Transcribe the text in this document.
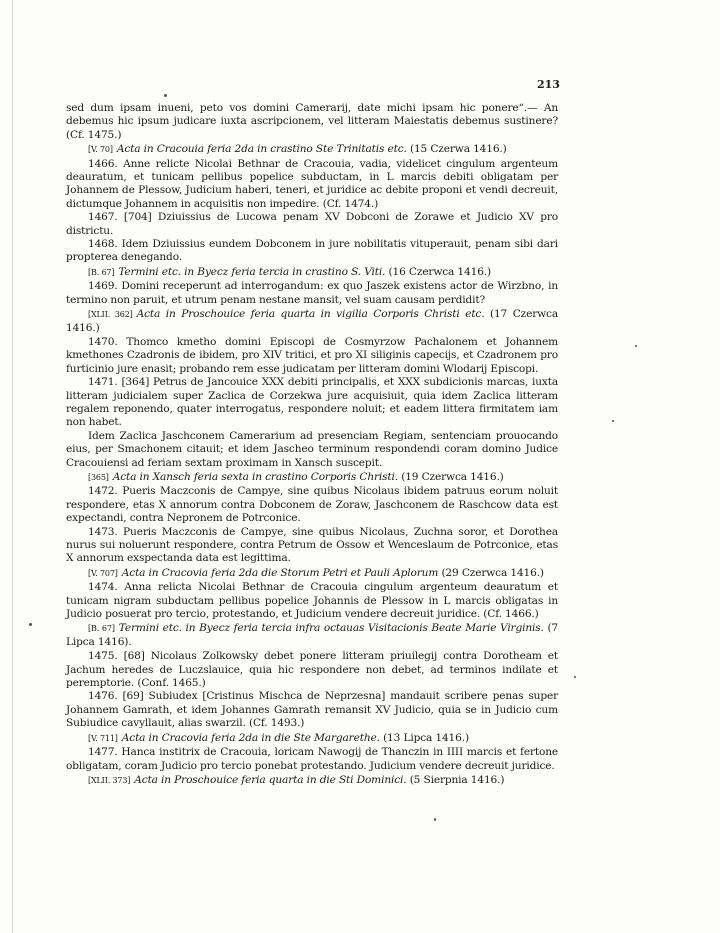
213

sed dum ipsam inueni, peto vos domini Camerarij, date michi ipsam hic ponere“.— An debemus hic ipsum judicare iuxta ascripcionem, vel litteram Maiestatis debemus sustinere? (Cf. 1475.)

[V. 70] Acta in Cracouia feria 2da in crastino Ste Trinitatis etc. (15 Czerwa 1416.)

1466. Anne relicte Nicolai Bethnar de Cracouia, vadia, videlicet cingulum argenteum deauratum, et tunicam pellibus popelice subductam, in L marcis debiti obligatam per Johannem de Plessow, Judicium haberi, teneri, et juridice ac debite proponi et vendi decreuit, dictumque Johannem in acquisitis non impedire. (Cf. 1474.)

1467. [704] Dziuissius de Lucowa penam XV Dobconi de Zorawe et Judicio XV pro districtu.

1468. Idem Dziuissius eundem Dobconem in jure nobilitatis vituperauit, penam sibi dari propterea denegando.

[B. 67] Termini etc. in Byecz feria tercia in crastino S. Viti. (16 Czerwca 1416.)

1469. Domini receperunt ad interrogandum: ex quo Jaszek existens actor de Wirzbno, in termino non paruit, et utrum penam nestane mansit, vel suam causam perdidit?

[XLII. 362] Acta in Proschouice feria quarta in vigilia Corporis Christi etc. (17 Czerwca 1416.)

1470. Thomco kmetho domini Episcopi de Cosmyrzow Pachalonem et Johannem kmethones Czadronis de ibidem, pro XIV tritici, et pro XI siliginis capecijs, et Czadronem pro furticinio jure enasit; probando rem esse judicatam per litteram domini Wlodarij Episcopi.

1471. [364] Petrus de Jancouice XXX debiti principalis, et XXX subdicionis marcas, iuxta litteram judicialem super Zaclica de Corzekwa jure acquisiuit, quia idem Zaclica litteram regalem reponendo, quater interrogatus, respondere noluit; et eadem littera firmitatem iam non habet.

Idem Zaclica Jaschconem Camerarium ad presenciam Regiam, sentenciam prouocando eius, per Smachonem citauit; et idem Jascheo terminum respondendi coram domino Judice Cracouiensi ad feriam sextam proximam in Xansch suscepit.

[365] Acta in Xansch feria sexta in crastino Corporis Christi. (19 Czerwca 1416.)

1472. Pueris Maczconis de Campye, sine quibus Nicolaus ibidem patruus eorum noluit respondere, etas X annorum contra Dobconem de Zoraw, Jaschconem de Raschcow data est expectandi, contra Nepronem de Potrconice.

1473. Pueris Maczconis de Campye, sine quibus Nicolaus, Zuchna soror, et Dorothea nurus sui noluerunt respondere, contra Petrum de Ossow et Wenceslaum de Potrconice, etas X annorum exspectanda data est legittima.

[V. 707] Acta in Cracovia feria 2da die Storum Petri et Pauli Aplorum (29 Czerwca 1416.)

1474. Anna relicta Nicolai Bethnar de Cracouia cingulum argenteum deauratum et tunicam nigram subductam pellibus popelice Johannis de Plessow in L marcis obligatas in Judicio posuerat pro tercio, protestando, et Judicium vendere decreuit juridice. (Cf. 1466.)

[B. 67] Termini etc. in Byecz feria tercia infra octauas Visitacionis Beate Marie Virginis. (7 Lipca 1416).

1475. [68] Nicolaus Zolkowsky debet ponere litteram priuilegij contra Dorotheam et Jachum heredes de Luczslauice, quia hic respondere non debet, ad terminos indilate et peremptorie. (Conf. 1465.)

1476. [69] Subiudex [Cristinus Mischca de Neprzesna] mandauit scribere penas super Johannem Gamrath, et idem Johannes Gamrath remansit XV Judicio, quia se in Judicio cum Subiudice cavyllauit, alias swarzil. (Cf. 1493.)

[V. 711] Acta in Cracovia feria 2da in die Ste Margarethe. (13 Lipca 1416.)

1477. Hanca institrix de Cracouia, loricam Nawogij de Thanczin in IIII marcis et fertone obligatam, coram Judicio pro tercio ponebat protestando. Judicium vendere decreuit juridice.

[XLII. 373] Acta in Proschouice feria quarta in die Sti Dominici. (5 Sierpnia 1416.)
